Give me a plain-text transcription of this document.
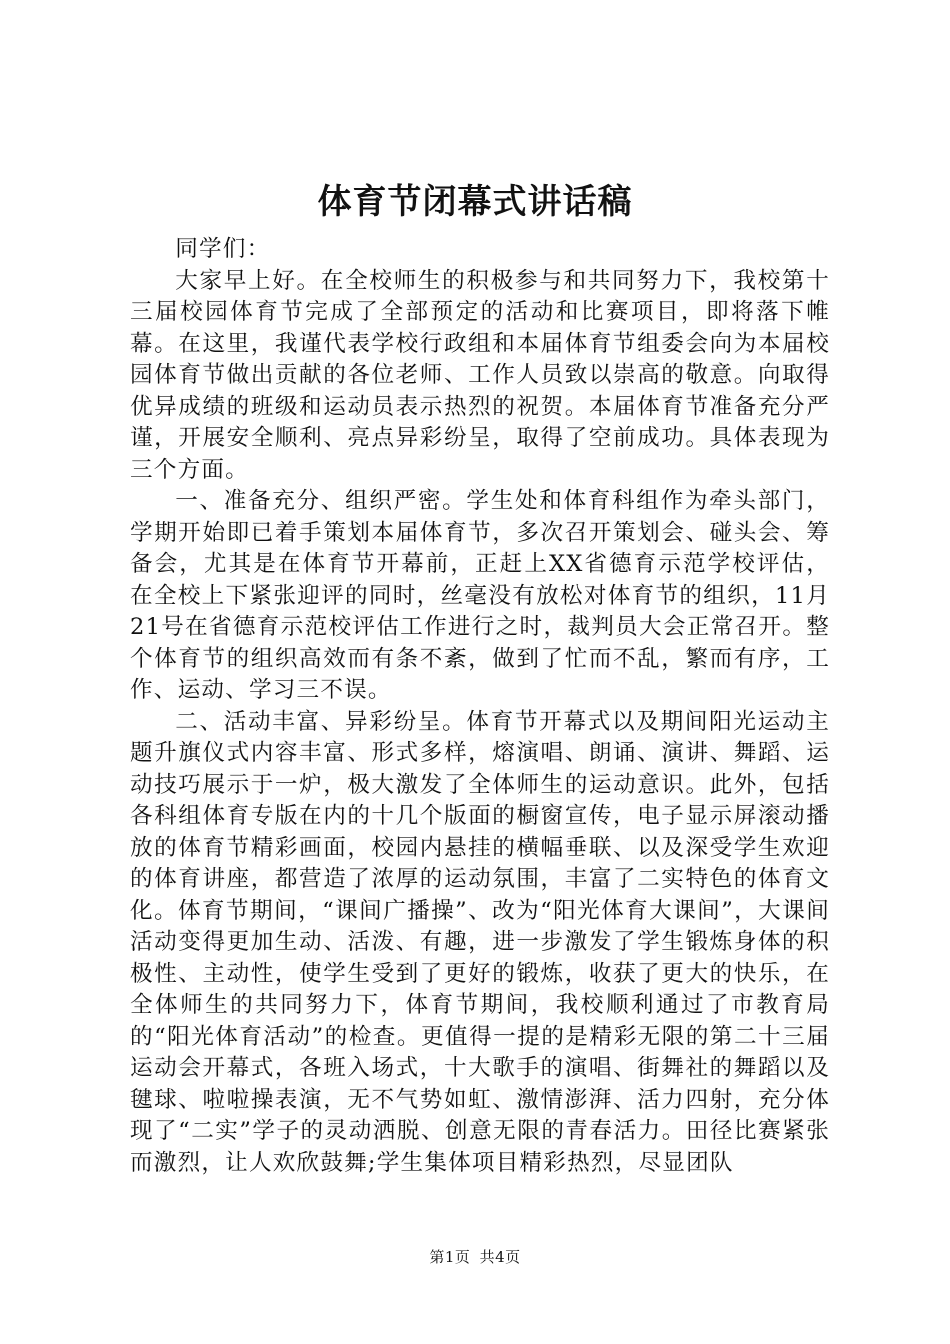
体育节闭幕式讲话稿

同学们：

大家早上好。在全校师生的积极参与和共同努力下，我校第十三届校园体育节完成了全部预定的活动和比赛项目，即将落下帷幕。在这里，我谨代表学校行政组和本届体育节组委会向为本届校园体育节做出贡献的各位老师、工作人员致以崇高的敬意。向取得优异成绩的班级和运动员表示热烈的祝贺。本届体育节准备充分严谨，开展安全顺利、亮点异彩纷呈，取得了空前成功。具体表现为三个方面。

一、准备充分、组织严密。学生处和体育科组作为牵头部门，学期开始即已着手策划本届体育节，多次召开策划会、碰头会、筹备会，尤其是在体育节开幕前，正赶上XX省德育示范学校评估，在全校上下紧张迎评的同时，丝毫没有放松对体育节的组织，11月21号在省德育示范校评估工作进行之时，裁判员大会正常召开。整个体育节的组织高效而有条不紊，做到了忙而不乱，繁而有序，工作、运动、学习三不误。

二、活动丰富、异彩纷呈。体育节开幕式以及期间阳光运动主题升旗仪式内容丰富、形式多样，熔演唱、朗诵、演讲、舞蹈、运动技巧展示于一炉，极大激发了全体师生的运动意识。此外，包括各科组体育专版在内的十几个版面的橱窗宣传，电子显示屏滚动播放的体育节精彩画面，校园内悬挂的横幅垂联、以及深受学生欢迎的体育讲座，都营造了浓厚的运动氛围，丰富了二实特色的体育文化。体育节期间，“课间广播操”、改为“阳光体育大课间”，大课间活动变得更加生动、活泼、有趣，进一步激发了学生锻炼身体的积极性、主动性，使学生受到了更好的锻炼，收获了更大的快乐，在全体师生的共同努力下，体育节期间，我校顺利通过了市教育局的“阳光体育活动”的检查。更值得一提的是精彩无限的第二十三届运动会开幕式，各班入场式，十大歌手的演唱、街舞社的舞蹈以及毽球、啦啦操表演，无不气势如虹、激情澎湃、活力四射，充分体现了“二实”学子的灵动洒脱、创意无限的青春活力。田径比赛紧张而激烈，让人欢欣鼓舞;学生集体项目精彩热烈，尽显团队

第1页 共4页
